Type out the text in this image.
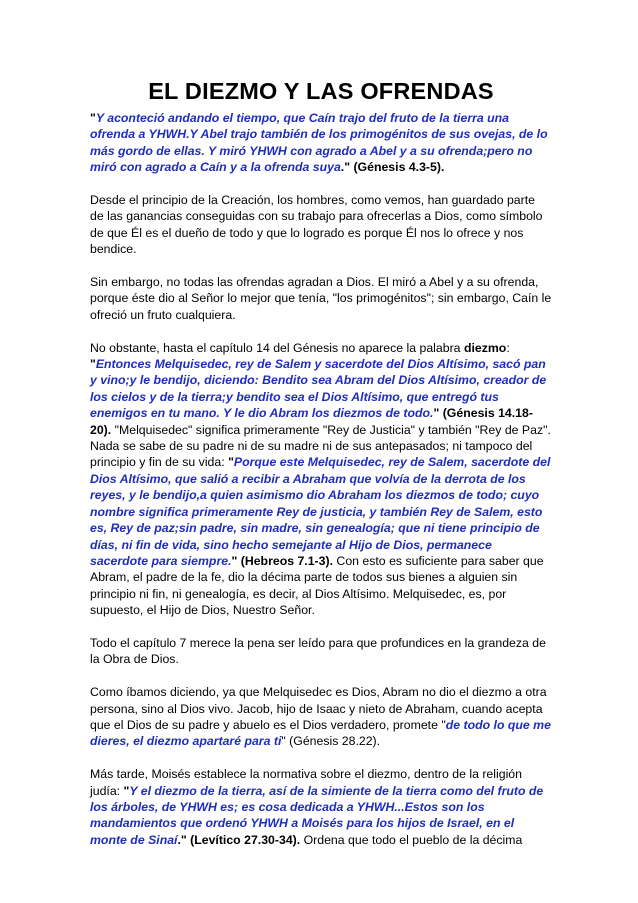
EL DIEZMO Y LAS OFRENDAS

"Y aconteció andando el tiempo, que Caín trajo del fruto de la tierra una ofrenda a YHWH.Y Abel trajo también de los primogénitos de sus ovejas, de lo más gordo de ellas. Y miró YHWH con agrado a Abel y a su ofrenda;pero no miró con agrado a Caín y a la ofrenda suya." (Génesis 4.3-5).

Desde el principio de la Creación, los hombres, como vemos, han guardado parte de las ganancias conseguidas con su trabajo para ofrecerlas a Dios, como símbolo de que Él es el dueño de todo y que lo logrado es porque Él nos lo ofrece y nos bendice.

Sin embargo, no todas las ofrendas agradan a Dios. El miró a Abel y a su ofrenda, porque éste dio al Señor lo mejor que tenía, "los primogénitos"; sin embargo, Caín le ofreció un fruto cualquiera.

No obstante, hasta el capítulo 14 del Génesis no aparece la palabra diezmo: "Entonces Melquisedec, rey de Salem y sacerdote del Dios Altísimo, sacó pan y vino;y le bendijo, diciendo: Bendito sea Abram del Dios Altísimo, creador de los cielos y de la tierra;y bendito sea el Dios Altísimo, que entregó tus enemigos en tu mano. Y le dio Abram los diezmos de todo." (Génesis 14.18-20). "Melquisedec" significa primeramente "Rey de Justicia" y también "Rey de Paz". Nada se sabe de su padre ni de su madre ni de sus antepasados; ni tampoco del principio y fin de su vida: "Porque este Melquisedec, rey de Salem, sacerdote del Dios Altísimo, que salió a recibir a Abraham que volvía de la derrota de los reyes, y le bendijo,a quien asimismo dio Abraham los diezmos de todo; cuyo nombre significa primeramente Rey de justicia, y también Rey de Salem, esto es, Rey de paz;sin padre, sin madre, sin genealogía; que ni tiene principio de días, ni fin de vida, sino hecho semejante al Hijo de Dios, permanece sacerdote para siempre." (Hebreos 7.1-3). Con esto es suficiente para saber que Abram, el padre de la fe, dio la décima parte de todos sus bienes a alguien sin principio ni fin, ni genealogía, es decir, al Dios Altísimo. Melquisedec, es, por supuesto, el Hijo de Dios, Nuestro Señor.

Todo el capítulo 7 merece la pena ser leído para que profundices en la grandeza de la Obra de Dios.

Como íbamos diciendo, ya que Melquisedec es Dios, Abram no dio el diezmo a otra persona, sino al Dios vivo. Jacob, hijo de Isaac y nieto de Abraham, cuando acepta que el Dios de su padre y abuelo es el Dios verdadero, promete "de todo lo que me dieres, el diezmo apartaré para ti" (Génesis 28.22).

Más tarde, Moisés establece la normativa sobre el diezmo, dentro de la religión judía: "Y el diezmo de la tierra, así de la simiente de la tierra como del fruto de los árboles, de YHWH es; es cosa dedicada a YHWH...Estos son los mandamientos que ordenó YHWH a Moisés para los hijos de Israel, en el monte de Sinaí." (Levítico 27.30-34). Ordena que todo el pueblo de la décima
